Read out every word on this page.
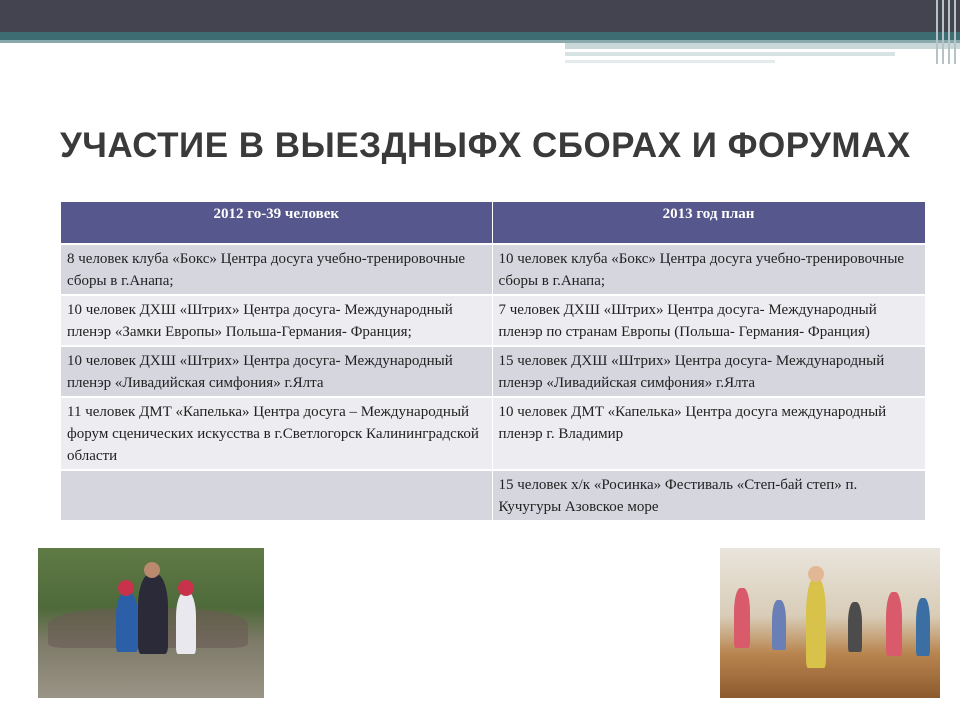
УЧАСТИЕ В ВЫЕЗДНЫФХ СБОРАХ И ФОРУМАХ
2012 го-39 человек	2013 год план
8 человек клуба «Бокс» Центра досуга учебно-тренировочные сборы в г.Анапа;	10 человек клуба «Бокс» Центра досуга учебно-тренировочные сборы в г.Анапа;
10 человек ДХШ «Штрих» Центра досуга- Международный пленэр «Замки Европы» Польша-Германия- Франция;	7 человек ДХШ «Штрих» Центра досуга- Международный пленэр по странам Европы (Польша- Германия- Франция)
10 человек ДХШ «Штрих» Центра досуга- Международный пленэр «Ливадийская симфония» г.Ялта	15 человек ДХШ «Штрих» Центра досуга- Международный пленэр «Ливадийская симфония» г.Ялта
11 человек ДМТ «Капелька» Центра досуга – Международный форум сценических искусства в г.Светлогорск Калининградской области	10 человек ДМТ «Капелька» Центра досуга международный пленэр г. Владимир
	15 человек х/к «Росинка» Фестиваль «Степ-бай степ» п. Кучугуры Азовское море
